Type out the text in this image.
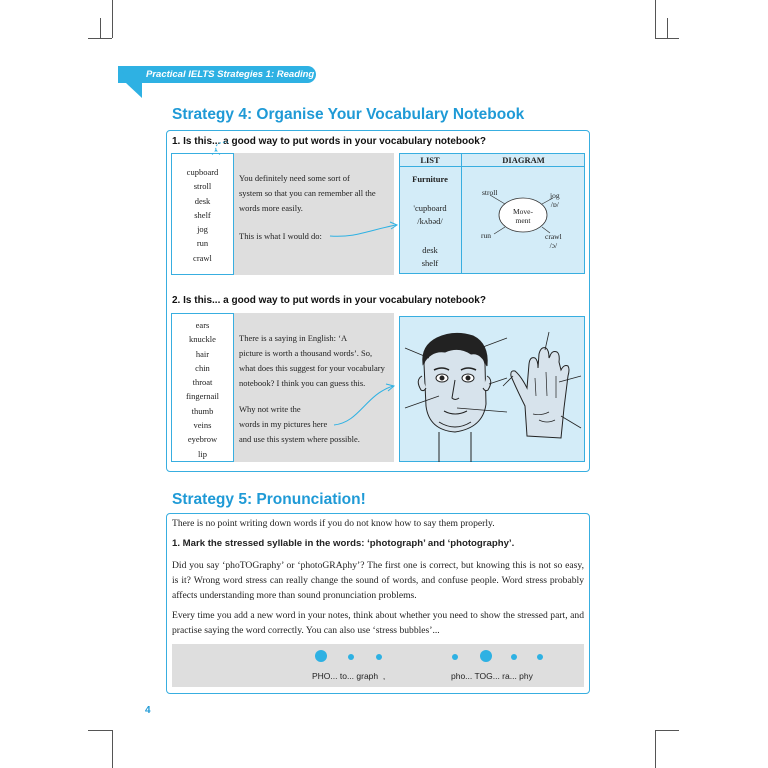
Practical IELTS Strategies 1: Reading
Strategy 4: Organise Your Vocabulary Notebook
1. Is this... a good way to put words in your vocabulary notebook?
cupboard
stroll
desk
shelf
jog
run
crawl
You definitely need some sort of
system so that you can remember all the
words more easily.
This is what I would do:
LIST	DIAGRAM
Furniture
'cupboard
/kʌbəd/
desk
shelf
Move-
ment
stroll	jog
/ɒ/
run	crawl
/ɔ/
2. Is this... a good way to put words in your vocabulary notebook?
ears
knuckle
hair
chin
throat
fingernail
thumb
veins
eyebrow
lip
There is a saying in English: ‘A
picture is worth a thousand words’. So,
what does this suggest for your vocabulary
notebook? I think you can guess this.
Why not write the
words in my pictures here
and use this system where possible.
Strategy 5: Pronunciation!
There is no point writing down words if you do not know how to say them properly.
1. Mark the stressed syllable in the words: ‘photograph’ and ‘photography’.
Did you say ‘phoTOGraphy’ or ‘photoGRAphy’? The first one is correct, but knowing this is not so easy, is it? Wrong word stress can really change the sound of words, and confuse people. Word stress probably affects understanding more than sound pronunciation problems.
Every time you add a new word in your notes, think about whether you need to show the stressed part, and practise saying the word correctly. You can also use ‘stress bubbles’...
PHO... to... graph  ,	pho... TOG... ra... phy
4
